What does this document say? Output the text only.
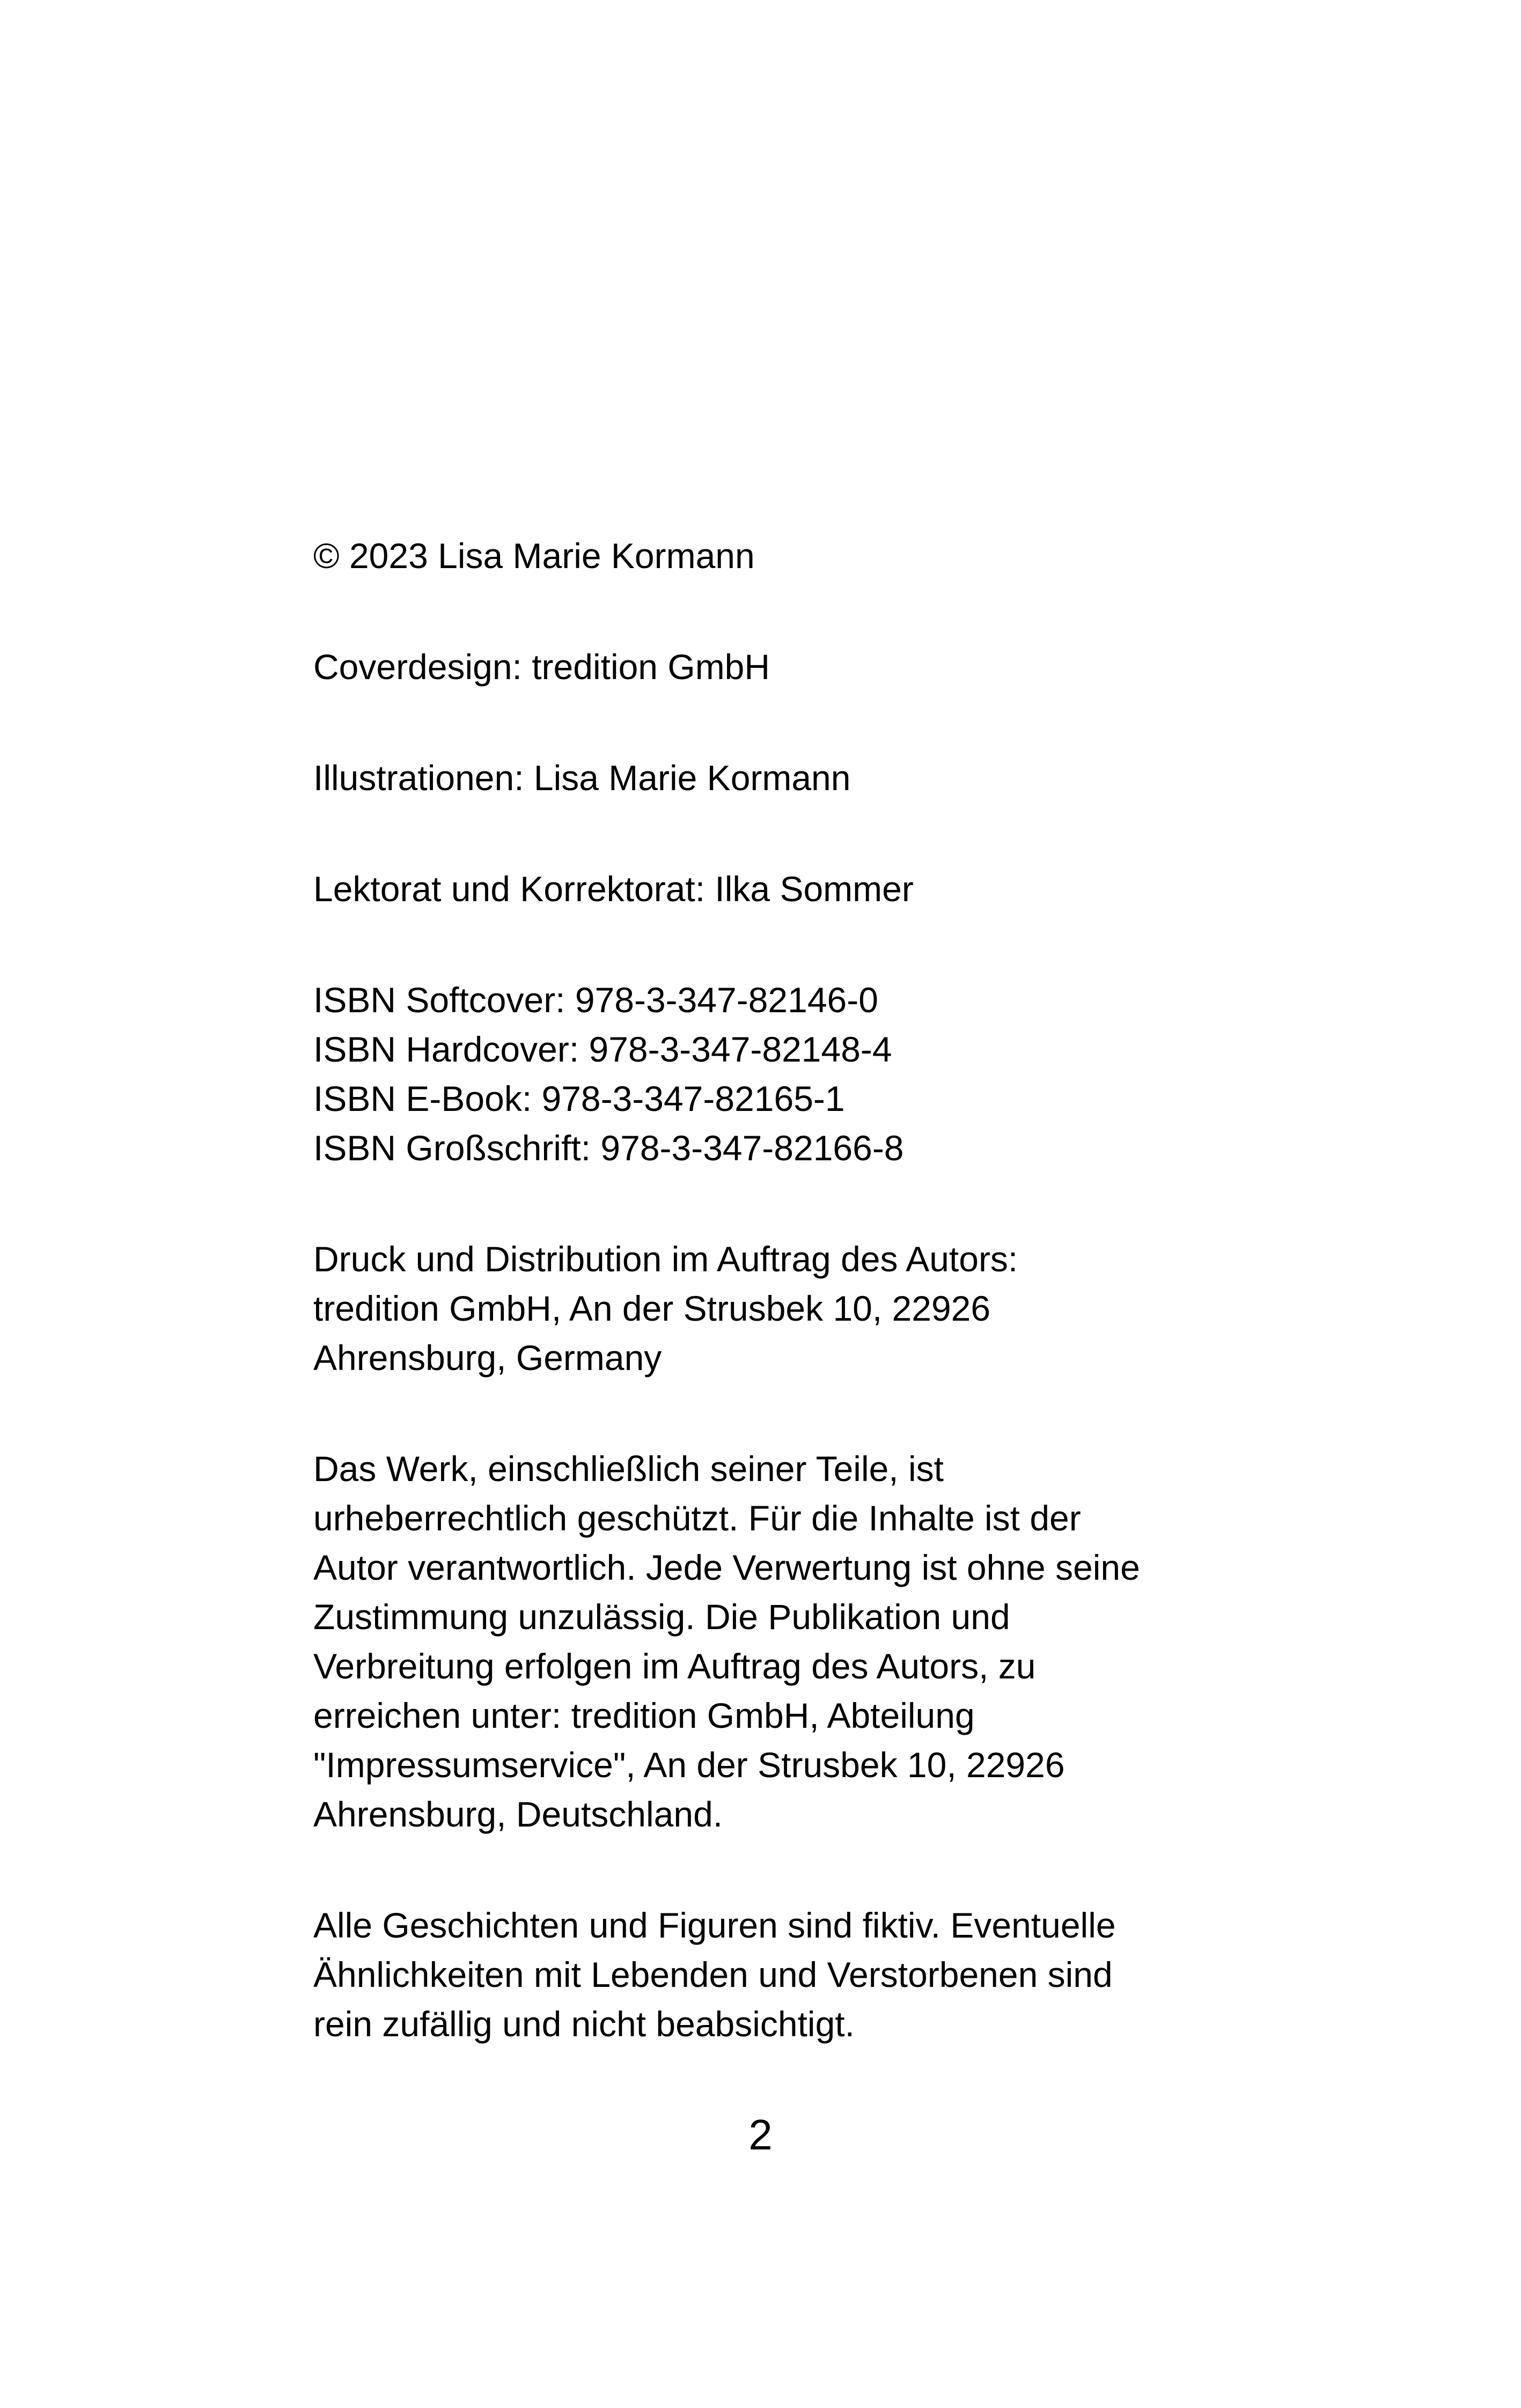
© 2023 Lisa Marie Kormann
Coverdesign: tredition GmbH
Illustrationen: Lisa Marie Kormann
Lektorat und Korrektorat: Ilka Sommer
ISBN Softcover: 978-3-347-82146-0
ISBN Hardcover: 978-3-347-82148-4
ISBN E-Book: 978-3-347-82165-1
ISBN Großschrift: 978-3-347-82166-8
Druck und Distribution im Auftrag des Autors:
tredition GmbH, An der Strusbek 10, 22926
Ahrensburg, Germany
Das Werk, einschließlich seiner Teile, ist
urheberrechtlich geschützt. Für die Inhalte ist der
Autor verantwortlich. Jede Verwertung ist ohne seine
Zustimmung unzulässig. Die Publikation und
Verbreitung erfolgen im Auftrag des Autors, zu
erreichen unter: tredition GmbH, Abteilung
"Impressumservice", An der Strusbek 10, 22926
Ahrensburg, Deutschland.
Alle Geschichten und Figuren sind fiktiv. Eventuelle
Ähnlichkeiten mit Lebenden und Verstorbenen sind
rein zufällig und nicht beabsichtigt.
2
